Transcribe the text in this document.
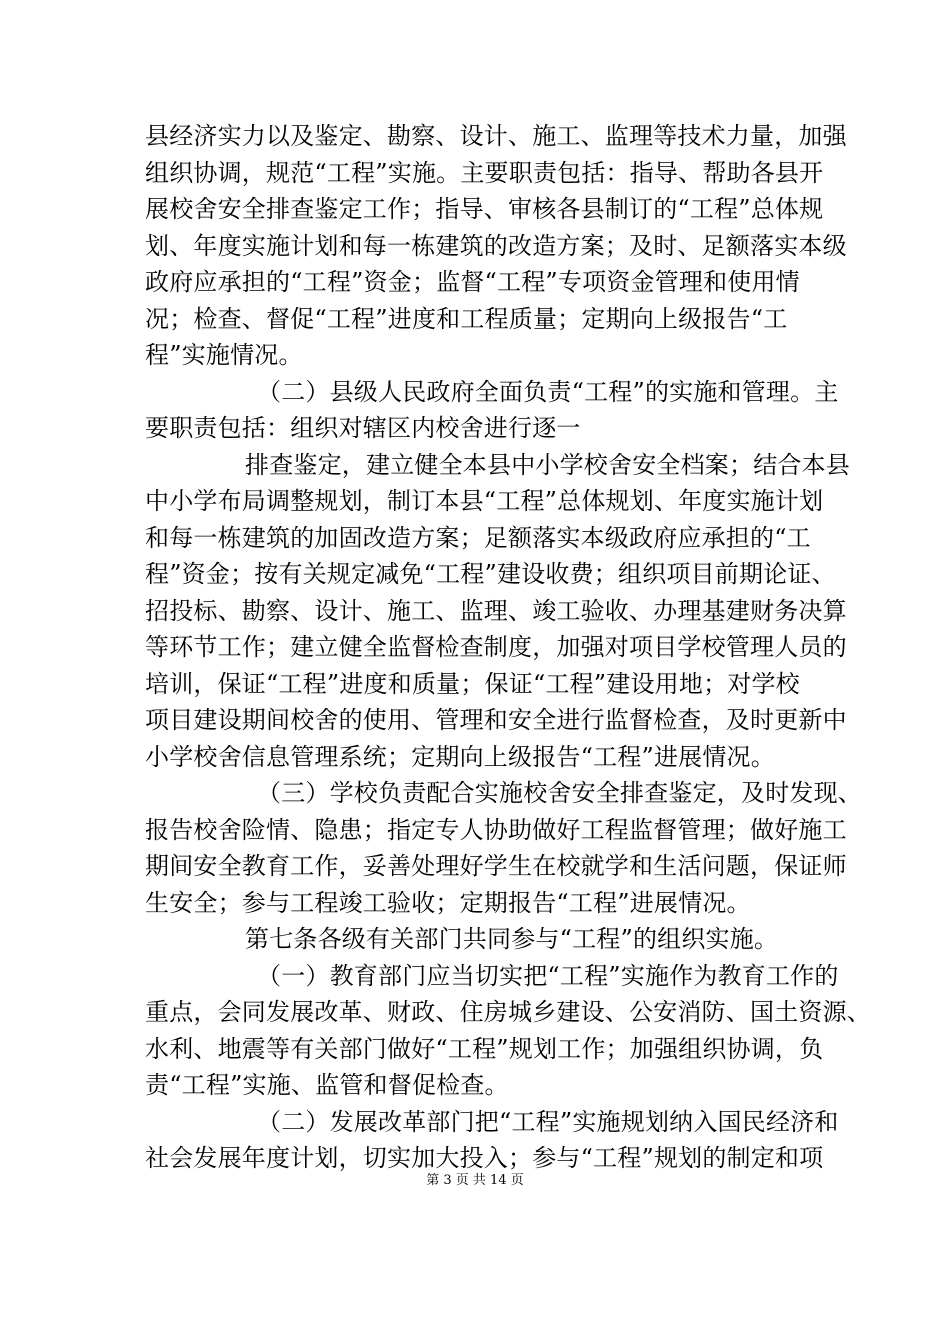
县经济实力以及鉴定、勘察、设计、施工、监理等技术力量，加强
组织协调，规范“工程”实施。主要职责包括：指导、帮助各县开
展校舍安全排查鉴定工作；指导、审核各县制订的“工程”总体规
划、年度实施计划和每一栋建筑的改造方案；及时、足额落实本级
政府应承担的“工程”资金；监督“工程”专项资金管理和使用情
况；检查、督促“工程”进度和工程质量；定期向上级报告“工
程”实施情况。
（二）县级人民政府全面负责“工程”的实施和管理。主
要职责包括：组织对辖区内校舍进行逐一
排查鉴定，建立健全本县中小学校舍安全档案；结合本县
中小学布局调整规划，制订本县“工程”总体规划、年度实施计划
和每一栋建筑的加固改造方案；足额落实本级政府应承担的“工
程”资金；按有关规定减免“工程”建设收费；组织项目前期论证、
招投标、勘察、设计、施工、监理、竣工验收、办理基建财务决算
等环节工作；建立健全监督检查制度，加强对项目学校管理人员的
培训，保证“工程”进度和质量；保证“工程”建设用地；对学校
项目建设期间校舍的使用、管理和安全进行监督检查，及时更新中
小学校舍信息管理系统；定期向上级报告“工程”进展情况。
（三）学校负责配合实施校舍安全排查鉴定，及时发现、
报告校舍险情、隐患；指定专人协助做好工程监督管理；做好施工
期间安全教育工作，妥善处理好学生在校就学和生活问题，保证师
生安全；参与工程竣工验收；定期报告“工程”进展情况。
第七条各级有关部门共同参与“工程”的组织实施。
（一）教育部门应当切实把“工程”实施作为教育工作的
重点，会同发展改革、财政、住房城乡建设、公安消防、国土资源、
水利、地震等有关部门做好“工程”规划工作；加强组织协调，负
责“工程”实施、监管和督促检查。
（二）发展改革部门把“工程”实施规划纳入国民经济和
社会发展年度计划，切实加大投入；参与“工程”规划的制定和项
第 3 页 共 14 页
